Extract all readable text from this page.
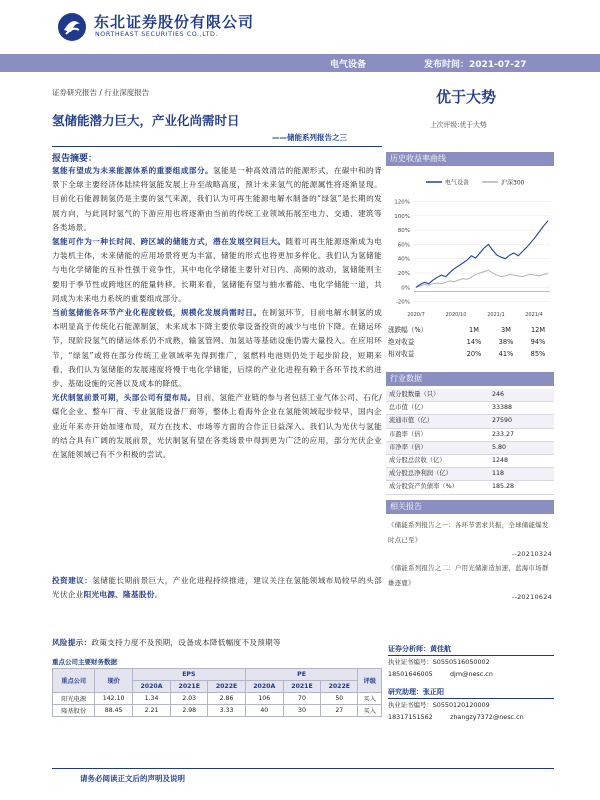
东北证券股份有限公司
NORTHEAST SECURITIES CO.,LTD.
电气设备	发布时间：2021-07-27
证券研究报告 / 行业深度报告	优于大势
上次评级:优于大势
氢储能潜力巨大，产业化尚需时日
——储能系列报告之三
报告摘要：
氢能有望成为未来能源体系的重要组成部分。氢能是一种高效清洁的能源形式，在碳中和的背景下全球主要经济体陆续将氢能发展上升至战略高度，预计未来氢气的能源属性将逐渐显现。目前化石能源制氢仍是主要的氢气来源，我们认为可再生能源电解水制备的“绿氢”是长期的发展方向，与此同时氢气的下游应用也将逐渐由当前的传统工业领域拓展至电力、交通、建筑等各类场景。
氢能可作为一种长时间、跨区域的储能方式，潜在发展空间巨大。随着可再生能源逐渐成为电力装机主体，未来储能的应用场景将更为丰富，储能的形式也将更加多样化。我们认为氢储能与电化学储能的互补性强于竞争性，其中电化学储能主要针对日内、高频的波动，氢储能则主要用于季节性或跨地区的能量转移。长期来看，氢储能有望与抽水蓄能、电化学储能一道，共同成为未来电力系统的重要组成部分。
当前氢储能各环节产业化程度较低，规模化发展尚需时日。在制氢环节，目前电解水制氢的成本明显高于传统化石能源制氢，未来成本下降主要依靠设备投资的减少与电价下降。在储运环节，现阶段氢气的储运体系仍不成熟，输氢管网、加氢站等基础设施仍需大量投入。在应用环节，“绿氢”或将在部分传统工业领域率先得到推广，氢燃料电池则仍处于起步阶段，短期来看，我们认为氢储能的发展速度将慢于电化学储能，后续的产业化进程有赖于各环节技术的进步、基础设施的完善以及成本的降低。
光伏制氢前景可期，头部公司有望布局。目前，氢能产业链的参与者包括工业气体公司、石化/煤化企业、整车厂商、专业氢能设备厂商等，整体上看海外企业在氢能领域起步较早，国内企业近年来亦开始加速布局，双方在技术、市场等方面的合作正日益深入。我们认为光伏与氢能的结合具有广阔的发展前景，光伏制氢有望在各类场景中得到更为广泛的应用，部分光伏企业在氢能领域已有不少积极的尝试。
投资建议：氢储能长期前景巨大，产业化进程持续推进，建议关注在氢能领域布局较早的头部光伏企业阳光电源、隆基股份。
风险提示：政策支持力度不及预期，设备成本降低幅度不及预期等
重点公司主要财务数据
重点公司	现价	EPS			PE			评级
		2020A	2021E	2022E	2020A	2021E	2022E	
阳光电源	142.10	1.34	2.03	2.86	106	70	50	买入
隆基股份	88.45	2.21	2.98	3.33	40	30	27	买入
历史收益率曲线
电气设备	沪深300
120%
100%
80%
60%
40%
20%
0%
-20%
2020/7	2020/10	2021/1	2021/4
涨跌幅（%）	1M	3M	12M
绝对收益	14%	38%	94%
相对收益	20%	41%	85%
行业数据
成分股数量（只）	246
总市值（亿）	33388
流通市值（亿）	27590
市盈率（倍）	233.27
市净率（倍）	5.80
成分股总营收（亿）	1248
成分股总净利润（亿）	118
成分股资产负债率（%）	185.28
相关报告
《储能系列报告之一：各环节需求共振，全球储能爆发时点已至》
--20210324
《储能系列报告之二：户用光储渐造加速，蓝海市场群雄逐鹿》
--20210624
证券分析师：黄佳航
执业证书编号：S0550516050002
18501646005	djm@nesc.cn
研究助理：张正阳
执业证书编号：S0550120120009
18317151562	zhangzy7372@nesc.cn
请务必阅读正文后的声明及说明
